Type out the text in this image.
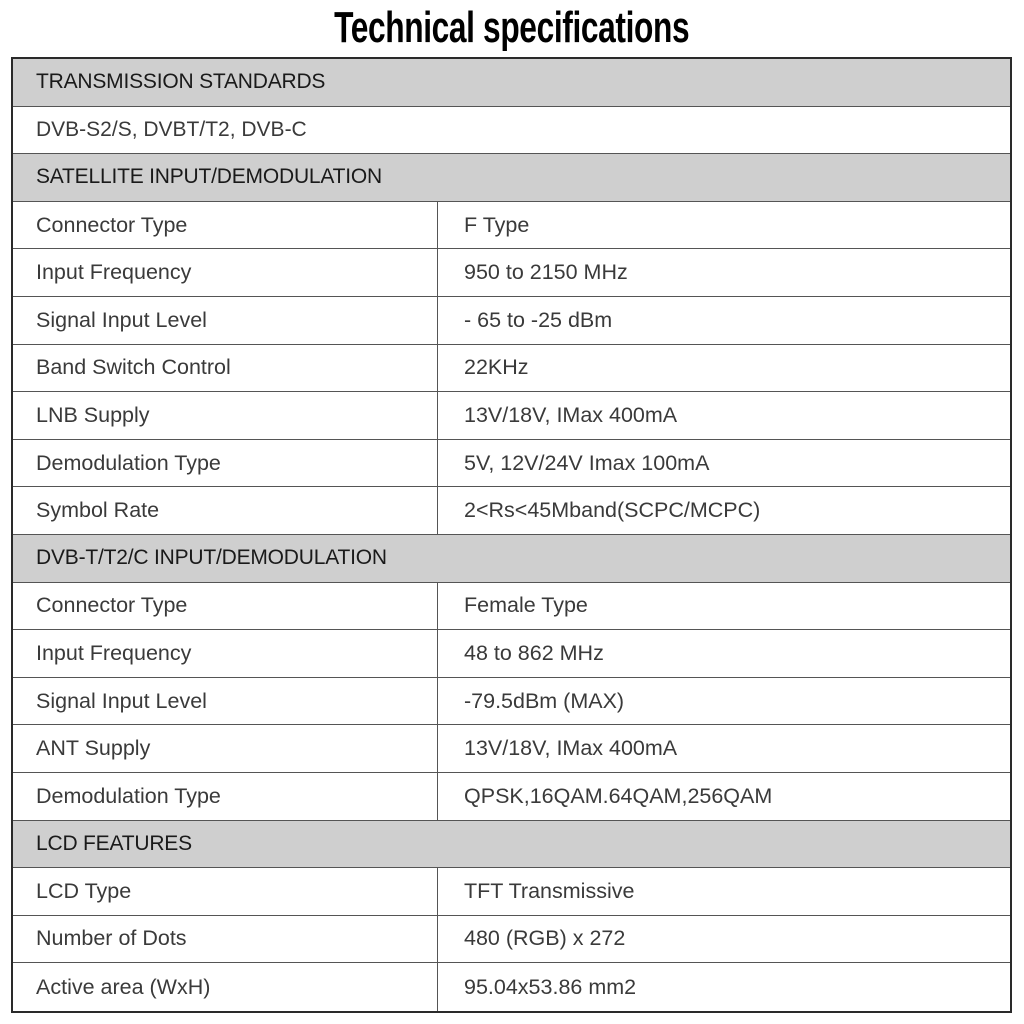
Technical specifications
TRANSMISSION STANDARDS
DVB-S2/S, DVBT/T2, DVB-C
SATELLITE INPUT/DEMODULATION
Connector Type	F Type
Input Frequency	950 to 2150 MHz
Signal Input Level	- 65 to -25 dBm
Band Switch Control	22KHz
LNB Supply	13V/18V, IMax 400mA
Demodulation Type	5V, 12V/24V Imax 100mA
Symbol Rate	2<Rs<45Mband(SCPC/MCPC)
DVB-T/T2/C INPUT/DEMODULATION
Connector Type	Female Type
Input Frequency	48 to 862 MHz
Signal Input Level	-79.5dBm (MAX)
ANT Supply	13V/18V, IMax 400mA
Demodulation Type	QPSK,16QAM.64QAM,256QAM
LCD FEATURES
LCD Type	TFT Transmissive
Number of Dots	480 (RGB) x 272
Active area (WxH)	95.04x53.86 mm2
